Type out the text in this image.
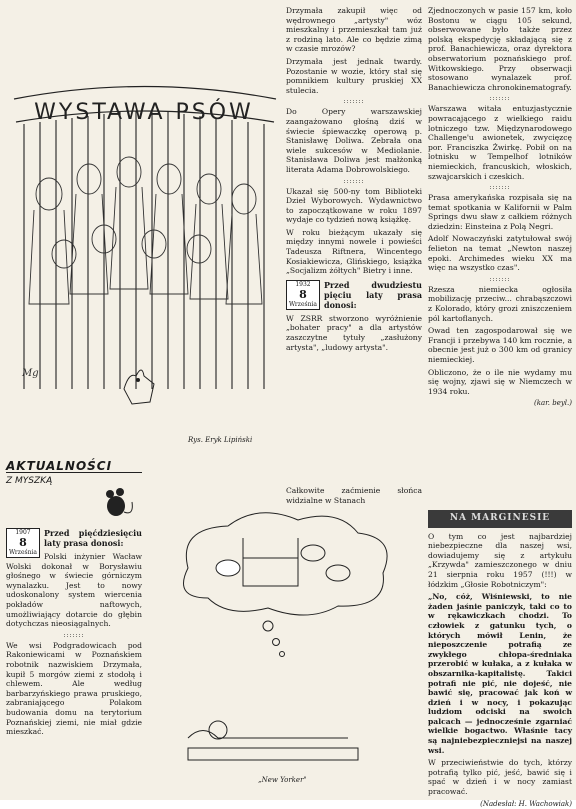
WYSTAWA PSÓW
Mg
Rys. Eryk Lipiński

Drzymała zakupił więc od wędrownego „artysty" wóz mieszkalny i przemieszkał tam już z rodziną lato. Ale co będzie zimą w czasie mrozów?

Drzymała jest jednak twardy. Pozostanie w wozie, który stał się pomnikiem kultury pruskiej XX stulecia.

:::::::

Do Opery warszawskiej zaangażowano głośną dziś w świecie śpiewaczkę operową p. Stanisławę Doliwa. Zebrała ona wiele sukcesów w Mediolanie. Stanisława Doliwa jest małżonką literata Adama Dobrowolskiego.

:::::::

Ukazał się 500-ny tom Biblioteki Dzieł Wyborowych. Wydawnictwo to zapoczątkowane w roku 1897 wydaje co tydzień nową książkę.

W roku bieżącym ukazały się między innymi nowele i powieści Tadeusza Riftnera, Wincentego Kosiakiewicza, Glińskiego, książka „Socjalizm żółtych" Bietry i inne.

1932
8
Września
Przed dwudziestu pięciu laty prasa donosi:

W ZSRR stworzono wyróżnienie „bohater pracy" a dla artystów zaszczytne tytuły „zasłużony artysta", „ludowy artysta".

Całkowite zaćmienie słońca widzialne w Stanach

Zjednoczonych w pasie 157 km, koło Bostonu w ciągu 105 sekund, obserwowane było także przez polską ekspedycję składającą się z prof. Banachiewicza, oraz dyrektora obserwatorium poznańskiego prof. Witkowskiego. Przy obserwacji stosowano wynalazek prof. Banachiewicza chronokinematografy.

:::::::

Warszawa witała entuzjastycznie powracającego z wielkiego raidu lotniczego tzw. Międzynarodowego Challenge'u awionetek, zwycięzcę por. Franciszka Żwirkę. Pobił on na lotnisku w Tempelhof lotników niemieckich, francuskich, włoskich, szwajcarskich i czeskich.

:::::::

Prasa amerykańska rozpisała się na temat spotkania w Kalifornii w Palm Springs dwu sław z całkiem różnych dziedzin: Einsteina z Polą Negri.

Adolf Nowaczyński zatytułował swój felieton na temat „Newton naszej epoki. Archimedes wieku XX ma więc na wszystko czas".

:::::::

Rzesza niemiecka ogłosiła mobilizację przeciw... chrabąszczowi z Kolorado, który grozi zniszczeniem pól kartoflanych.

Owad ten zagospodarował się we Francji i przebywa 140 km rocznie, a obecnie jest już o 300 km od granicy niemieckiej.

Obliczono, że o ile nie wydamy mu się wojny, zjawi się w Niemczech w 1934 roku.

(kar. beyl.)
AKTUALNOŚCI
Z MYSZKĄ
1907
8
Września
Przed pięćdziesięciu laty prasa donosi:

Polski inżynier Wacław Wolski dokonał w Borysławiu głośnego w świecie górniczym wynalazku. Jest to nowy udoskonalony system wiercenia pokładów naftowych, umożliwiający dotarcie do głębin dotychczas nieosiągalnych.

:::::::

We wsi Podgradowicach pod Rakoniewicami w Poznańskiem robotnik nazwiskiem Drzymała, kupił 5 morgów ziemi z stodołą i chlewem. Ale według barbarzyńskiego prawa pruskiego, zabraniającego Polakom budowania domu na terytorium Poznańskiej ziemi, nie miał gdzie mieszkać.

„New Yorker"
NA MARGINESIE

O tym co jest najbardziej niebezpieczne dla naszej wsi, dowiadujemy się z artykułu „Krzywda" zamieszczonego w dniu 21 sierpnia roku 1957 (!!!) w łódzkim „Głosie Robotniczym":

„No, cóż, Wiśniewski, to nie żaden jaśnie paniczyk, taki co to w rękawiczkach chodzi. To człowiek z gatunku tych, o których mówił Lenin, że nieposzczenie potrafią ze zwykłego chłopa-średniaka przerobić w kułaka, a z kułaka w obszarnika-kapitalistę. Takici potrafi nie pić, nie dojeść, nie bawić się, pracować jak koń w dzień i w nocy, i pokazując ludziom odciski na swoich palcach — jednocześnie zgarniać wielkie bogactwo. Właśnie tacy są najniebezpieczniejsi na naszej wsi.

W przeciwieństwie do tych, którzy potrafią tylko pić, jeść, bawić się i spać w dzień i w nocy zamiast pracować.

(Nadesłał: H. Wachowiak)
